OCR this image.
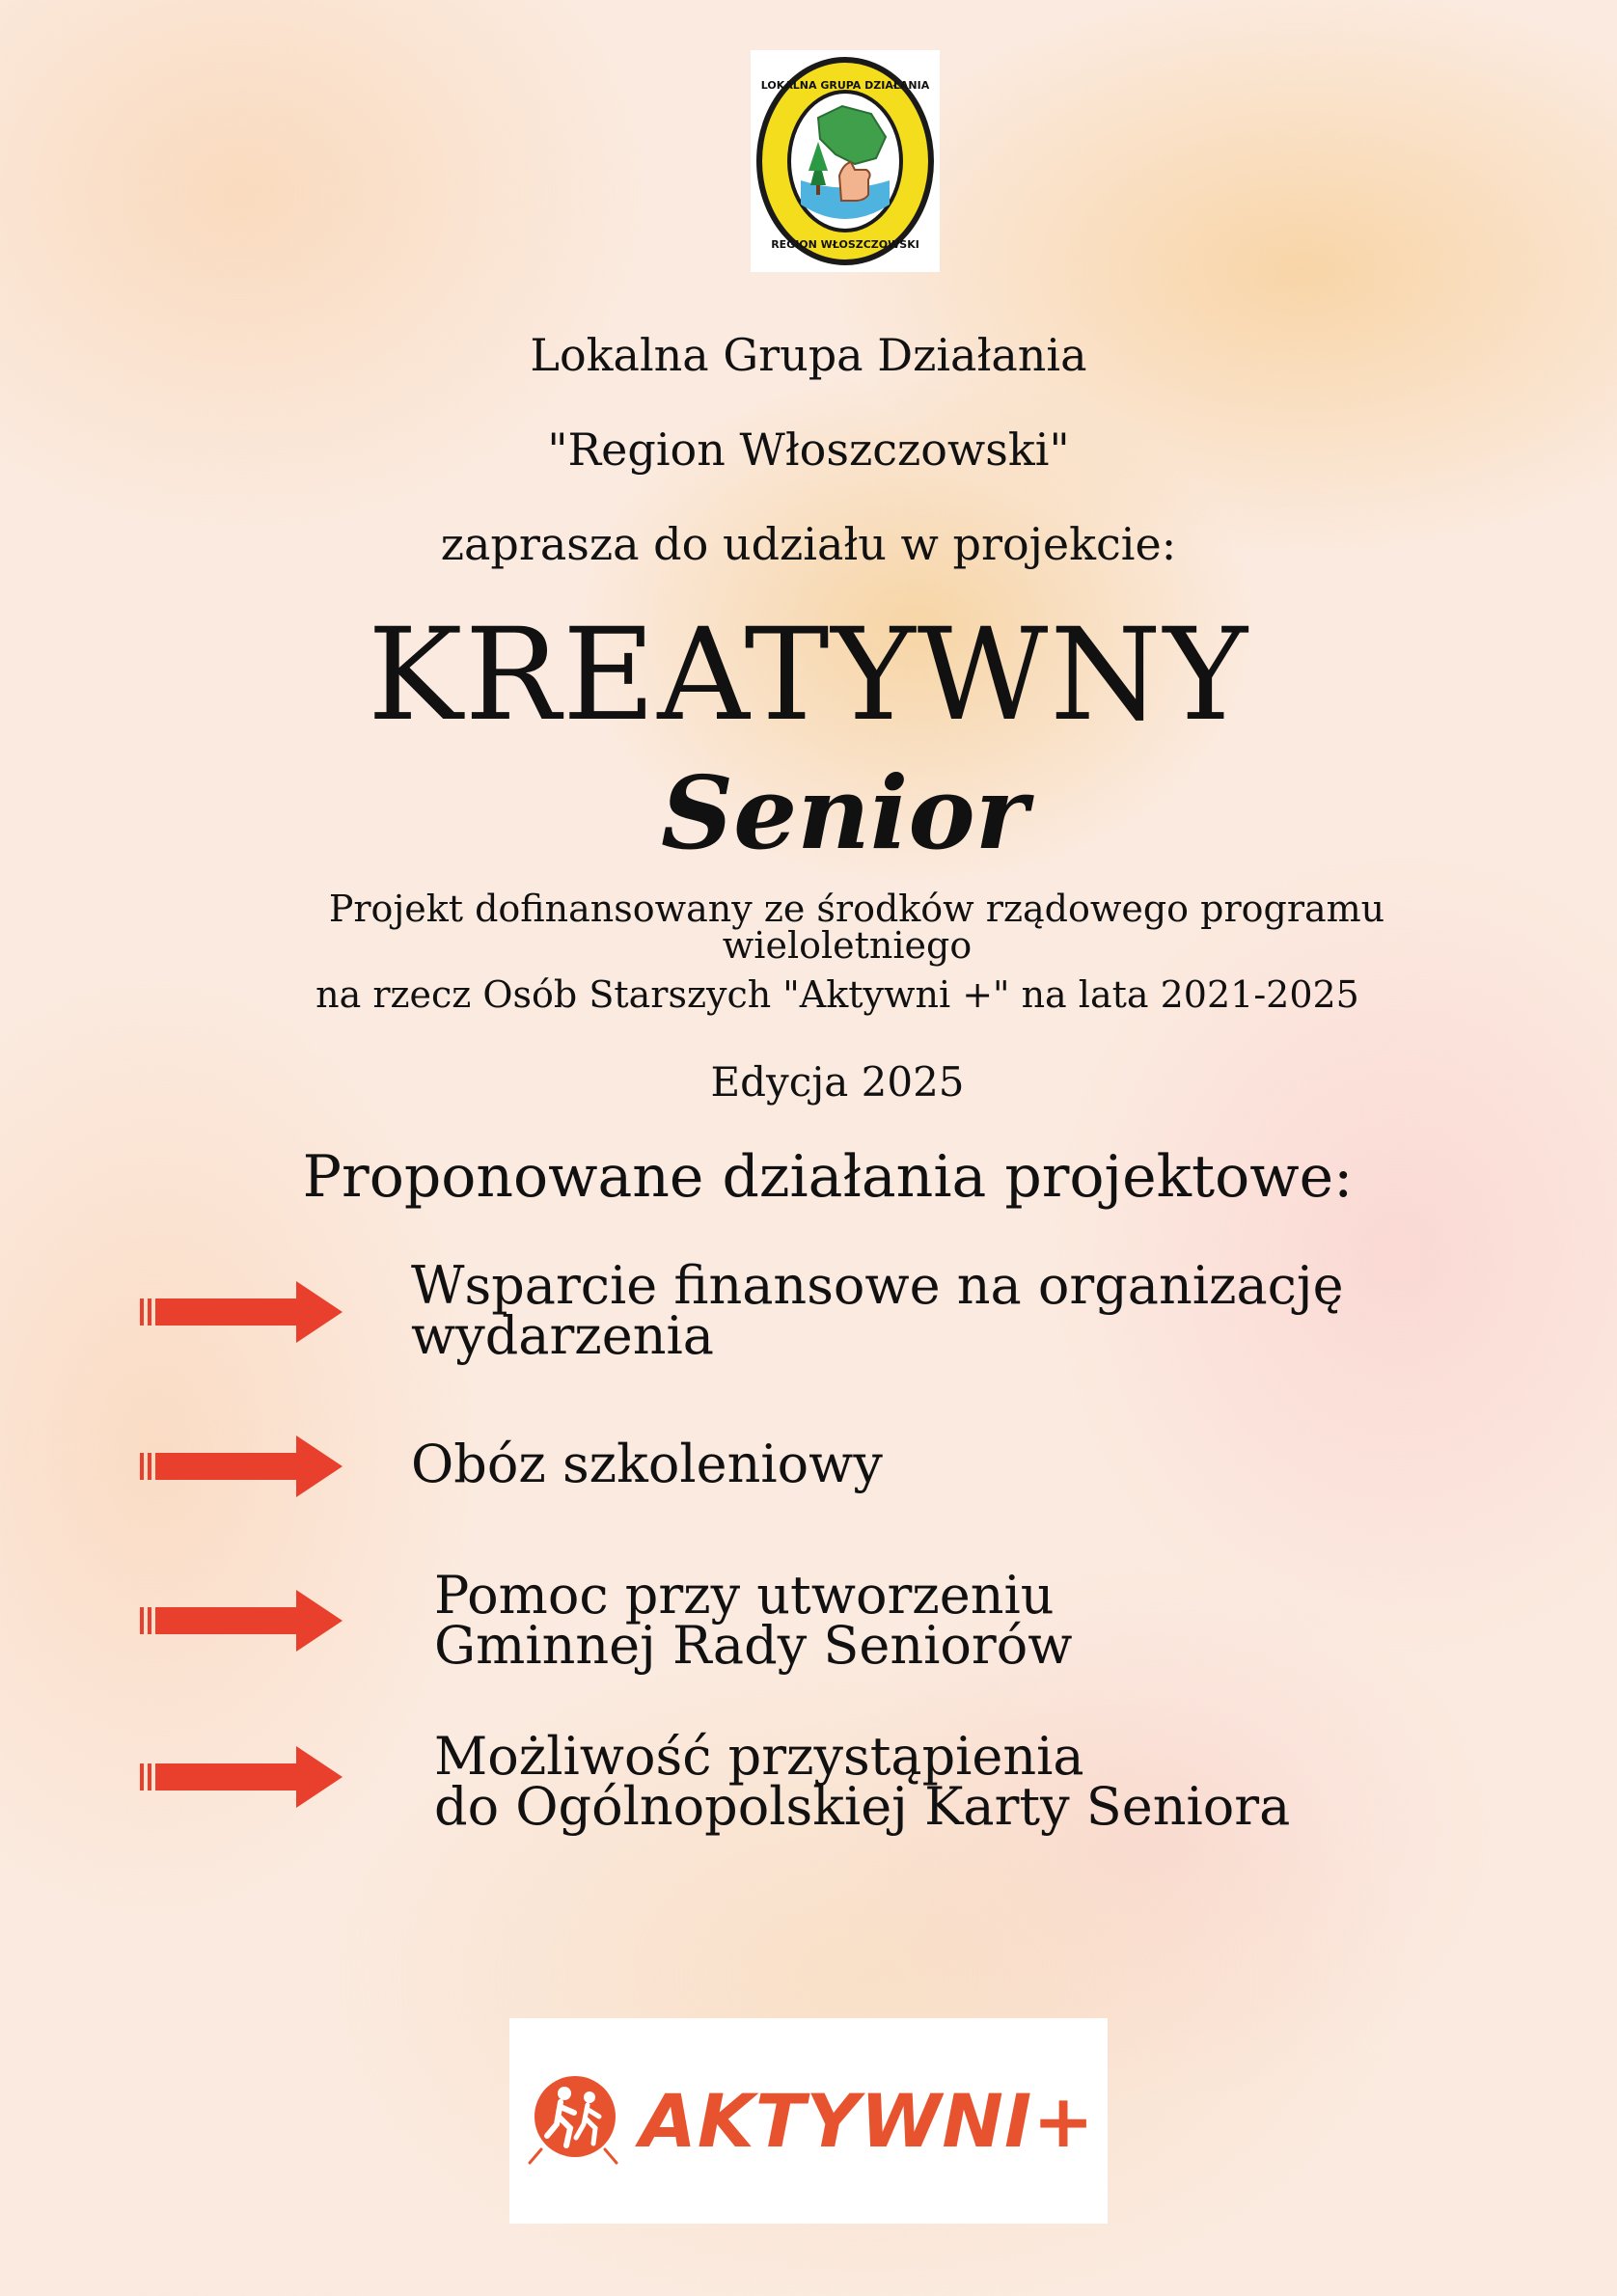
LOKALNA GRUPA DZIAŁANIA
REGION WŁOSZCZOWSKI
Lokalna Grupa Działania
"Region Włoszczowski"
zaprasza do udziału w projekcie:
KREATYWNY
Senior
Projekt dofinansowany ze środków rządowego programu
wieloletniego
na rzecz Osób Starszych "Aktywni +" na lata 2021-2025
Edycja 2025
Proponowane działania projektowe:
Wsparcie finansowe na organizację
wydarzenia
Obóz szkoleniowy
Pomoc przy utworzeniu
Gminnej Rady Seniorów
Możliwość przystąpienia
do Ogólnopolskiej Karty Seniora
AKTYWNI+
